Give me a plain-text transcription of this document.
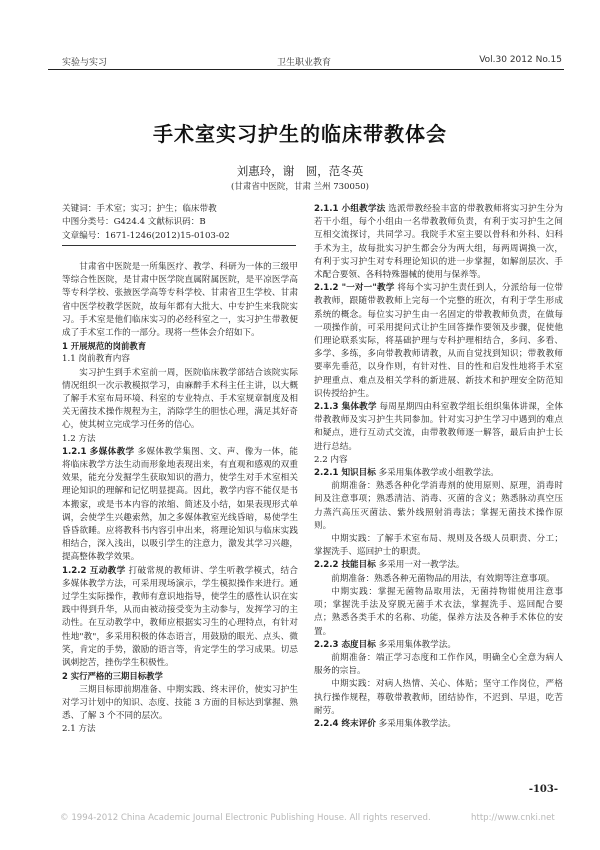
实验与实习	卫生职业教育	Vol.30 2012 No.15
手术室实习护生的临床带教体会
刘惠玲，谢　圆，范冬英
(甘肃省中医院，甘肃 兰州 730050)
关键词：手术室；实习；护生；临床带教
中图分类号：G424.4 文献标识码：B
文章编号：1671-1246(2012)15-0103-02

甘肃省中医院是一所集医疗、教学、科研为一体的三级甲等综合性医院，是甘肃中医学院直属附属医院，是平凉医学高等专科学校、张掖医学高等专科学校、甘肃省卫生学校、甘肃省中医学校教学医院，故每年都有大批大、中专护生来我院实习。手术室是他们临床实习的必经科室之一，实习护生带教便成了手术室工作的一部分。现将一些体会介绍如下。

1 开展规范的岗前教育
1.1 岗前教育内容

实习护生到手术室前一周，医院临床教学部结合该院实际情况组织一次示教模拟学习，由麻醉手术科主任主讲，以大概了解手术室布局环境、科室的专业特点、手术室规章制度及相关无菌技术操作规程为主，消除学生的胆怯心理，满足其好奇心，使其树立完成学习任务的信心。

1.2 方法
1.2.1 多媒体教学 多媒体教学集图、文、声、像为一体，能将临床教学方法生动而形象地表现出来，有直观和感观的双重效果，能充分发掘学生获取知识的潜力，使学生对手术室相关理论知识的理解和记忆明显提高。因此，教学内容不能仅是书本搬家，或是书本内容的浓缩、简述及小结，如果表现形式单调，会使学生兴趣索然，加之多媒体教室光线昏暗，易使学生昏昏欲睡。应将教科书内容引申出来，将理论知识与临床实践相结合，深入浅出，以吸引学生的注意力，激发其学习兴趣，提高整体教学效果。
1.2.2 互动教学 打破常规的教师讲、学生听教学模式，结合多媒体教学方法，可采用现场演示，学生模拟操作来进行。通过学生实际操作，教师有意识地指导，使学生的感性认识在实践中得到升华，从而由被动接受变为主动参与，发挥学习的主动性。在互动教学中，教师应根据实习生的心理特点，有针对性地"教"，多采用积极的体态语言，用鼓励的眼光、点头、微笑，肯定的手势，激励的语言等，肯定学生的学习成果。切忌讽刺挖苦，挫伤学生积极性。
2 实行严格的三期目标教学

三期目标即前期准备、中期实践、终末评价，使实习护生对学习计划中的知识、态度、技能 3 方面的目标达到掌握、熟悉、了解 3 个不同的层次。

2.1 方法
2.1.1 小组教学法 选派带教经验丰富的带教教师将实习护生分为若干小组，每个小组由一名带教教师负责，有利于实习护生之间互相交流探讨，共同学习。我院手术室主要以骨科和外科、妇科手术为主，故每批实习护生都会分为两大组，每两周调换一次，有利于实习护生对专科理论知识的进一步掌握，如解剖层次、手术配合要领、各科特殊器械的使用与保养等。
2.1.2 "一对一"教学 将每个实习护生责任到人，分派给每一位带教教师，跟随带教教师上完每一个完整的班次，有利于学生形成系统的概念。每位实习护生由一名固定的带教教师负责，在做每一项操作前，可采用提问式让护生回答操作要领及步骤，促使他们理论联系实际，将基础护理与专科护理相结合，多问、多看、多学、多练，多向带教教师请教，从而自觉找到知识；带教教师要率先垂范，以身作则，有针对性、目的性和启发性地将手术室护理重点、难点及相关学科的新进展、新技术和护理安全防范知识传授给护生。
2.1.3 集体教学 每周星期四由科室教学组长组织集体讲课，全体带教教师及实习护生共同参加。针对实习护生学习中遇到的难点和疑点，进行互动式交流，由带教教师逐一解答，最后由护士长进行总结。
2.2 内容
2.2.1 知识目标 多采用集体教学或小组教学法。

前期准备：熟悉各种化学消毒剂的使用原则、原理，消毒时间及注意事项；熟悉清洁、消毒、灭菌的含义；熟悉脉动真空压力蒸汽高压灭菌法、紫外线照射消毒法；掌握无菌技术操作原则。

中期实践：了解手术室布局、规则及各级人员职责、分工；掌握洗手、巡回护士的职责。

2.2.2 技能目标 多采用一对一教学法。

前期准备：熟悉各种无菌物品的用法，有效期等注意事项。

中期实践：掌握无菌物品取用法，无菌持物钳使用注意事项；掌握洗手法及穿脱无菌手术衣法，掌握洗手、巡回配合要点；熟悉各类手术的名称、功能，保养方法及各种手术体位的安置。

2.2.3 态度目标 多采用集体教学法。

前期准备：端正学习态度和工作作风，明确全心全意为病人服务的宗旨。

中期实践：对病人热情、关心、体贴；坚守工作岗位，严格执行操作规程，尊敬带教教师，团结协作，不迟到、早退，吃苦耐劳。

2.2.4 终末评价 多采用集体教学法。
-103-
© 1994-2012 China Academic Journal Electronic Publishing House. All rights reserved.	http://www.cnki.net
